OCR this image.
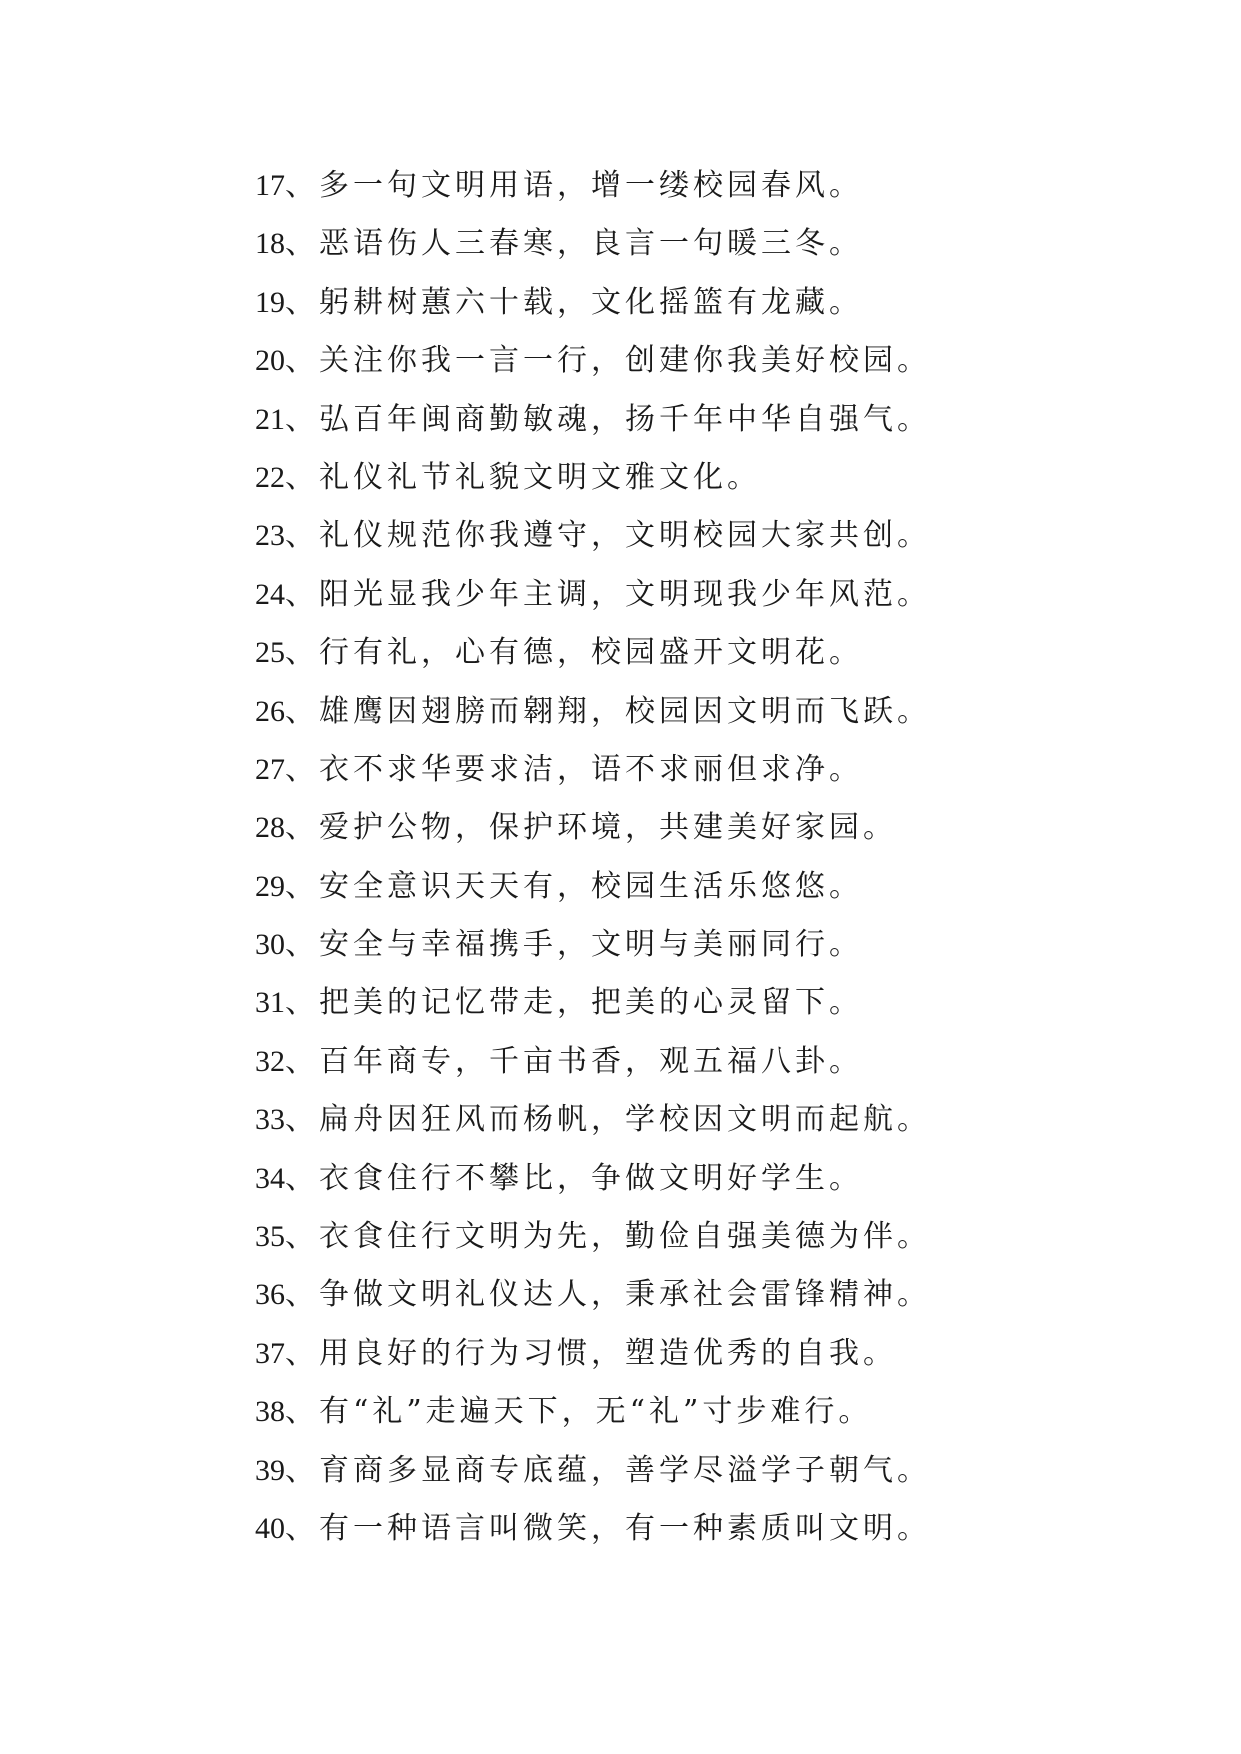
17 、 多一句文明用语，增一缕校园春风。
18 、 恶语伤人三春寒，良言一句暖三冬。
19 、 躬耕树蕙六十载，文化摇篮有龙藏。
20 、 关注你我一言一行，创建你我美好校园。
21 、 弘百年闽商勤敏魂，扬千年中华自强气。
22 、 礼仪礼节礼貌文明文雅文化。
23 、 礼仪规范你我遵守，文明校园大家共创。
24 、 阳光显我少年主调，文明现我少年风范。
25 、 行有礼，心有德，校园盛开文明花。
26 、 雄鹰因翅膀而翱翔，校园因文明而飞跃。
27 、 衣不求华要求洁，语不求丽但求净。
28 、 爱护公物，保护环境，共建美好家园。
29 、 安全意识天天有，校园生活乐悠悠。
30 、 安全与幸福携手，文明与美丽同行。
31 、 把美的记忆带走，把美的心灵留下。
32 、 百年商专，千亩书香，观五福八卦。
33 、 扁舟因狂风而杨帆，学校因文明而起航。
34 、 衣食住行不攀比，争做文明好学生。
35 、 衣食住行文明为先，勤俭自强美德为伴。
36 、 争做文明礼仪达人，秉承社会雷锋精神。
37 、 用良好的行为习惯，塑造优秀的自我。
38 、 有“礼”走遍天下，无“礼”寸步难行。
39 、 育商多显商专底蕴，善学尽溢学子朝气。
40 、 有一种语言叫微笑，有一种素质叫文明。
